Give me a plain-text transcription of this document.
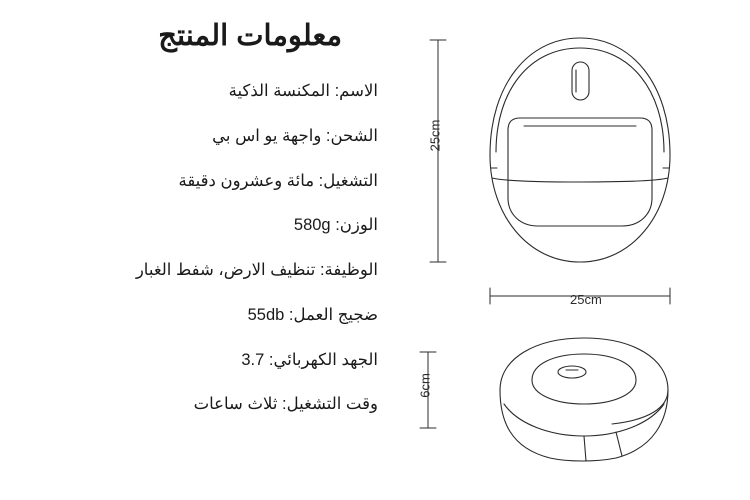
معلومات المنتج
الاسم: المكنسة الذكية
الشحن: واجهة يو اس بي
التشغيل: مائة وعشرون دقيقة
الوزن: 580g
الوظيفة: تنظيف الارض، شفط الغبار
ضجيج العمل: 55db
الجهد الكهربائي: 3.7
وقت التشغيل: ثلاث ساعات
25cm
25cm
6cm
